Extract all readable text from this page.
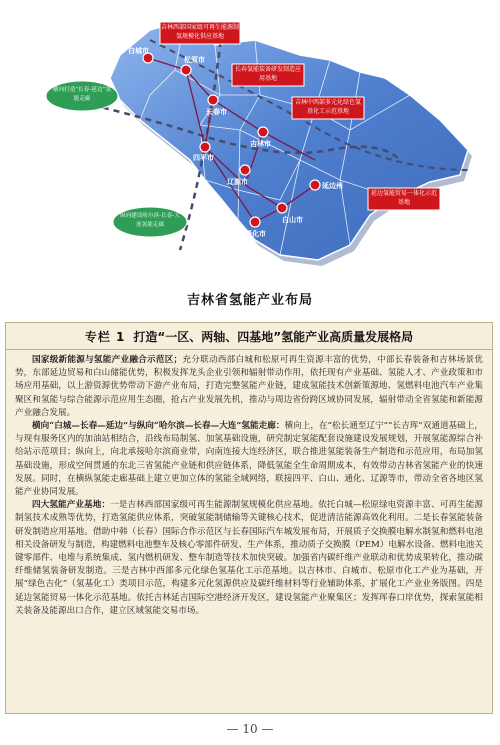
白城市
松原市
长春市
吉林市
四平市
辽源市
通化市
白山市
延边州
吉林西部国家级可再生能源制氢规模化供应基地
长春氢能装备研发制造应用基地
吉林中西部多元化绿色氢基化工示范基地
延边氢能贸易一体化示范基地
横向打造“长春-延边”氢能走廊
纵向建设哈尔滨-长春-大连氢能走廊
吉林省氢能产业布局
专栏 1 打造“一区、两轴、四基地”氢能产业高质量发展格局

国家级新能源与氢能产业融合示范区；充分联动西部白城和松原可再生资源丰富的优势，中部长春装备和吉林场景优势，东部延边贸易和白山储能优势，积极发挥龙头企业引领和辐射带动作用，依托现有产业基础、氢能人才、产业政策和市场应用基础，以上游资源优势带动下游产业布局，打造完整氢能产业链，建成氢能技术创新策源地、氢燃料电池汽车产业集聚区和氢能与综合能源示范应用生态圈，抢占产业发展先机，推动与周边省份跨区域协同发展，辐射带动全省氢能和新能源产业融合发展。

横向“白城—长春—延边”与纵向“哈尔滨—长春—大连”氢能走廊：横向上，在“松长通至辽宁”“长吉珲”双通道基础上，与现有服务区内的加油站相结合，沿线布局制氢、加氢基础设施，研究制定氢能配套设施建设发展规划，开展氢能源综合补给站示范项目；纵向上，向北承接哈尔滨商业带，向南连接大连经济区，联合推进氢能装备生产制造和示范应用，布局加氢基础设施，形成空间贯通的东北三省氢能产业链和供应链体系，降低氢能全生命周期成本，有效带动吉林省氢能产业的快速发展。同时，在横纵氢能走廊基础上建立更加立体的氢能全域网络，联接四平、白山、通化、辽源等市，带动全省各地区氢能产业协同发展。

四大氢能产业基地：一是吉林西部国家级可再生能源制氢规模化供应基地。依托白城—松原绿电资源丰富、可再生能源制氢技术成熟等优势，打造氢能供应体系，突破氢能制储输等关键核心技术，促进清洁能源高效化利用。二是长春氢能装备研发制造应用基地。借助中韩（长春）国际合作示范区与长春国际汽车城发展布局，开展质子交换膜电解水制氢和燃料电池相关设备研发与制造，构建燃料电池整车及核心零部件研发、生产体系，推动质子交换膜（PEM）电解水设备、燃料电池关键零部件、电堆与系统集成、氢内燃机研发、整车制造等技术加快突破。加强省内碳纤维产业联动和优势成果转化，推动碳纤维储氢装备研发制造。三是吉林中西部多元化绿色氢基化工示范基地。以吉林市、白城市、松原市化工产业为基础，开展“绿色吉化”（氢基化工）类项目示范，构建多元化氢源供应及碳纤维材料等行业辅助体系，扩展化工产业业务版图。四是延边氢能贸易一体化示范基地。依托吉林延吉国际空港经济开发区，建设氢能产业聚集区；发挥珲春口岸优势，探索氢能相关装备及能源出口合作，建立区域氢能交易市场。

— 10 —
